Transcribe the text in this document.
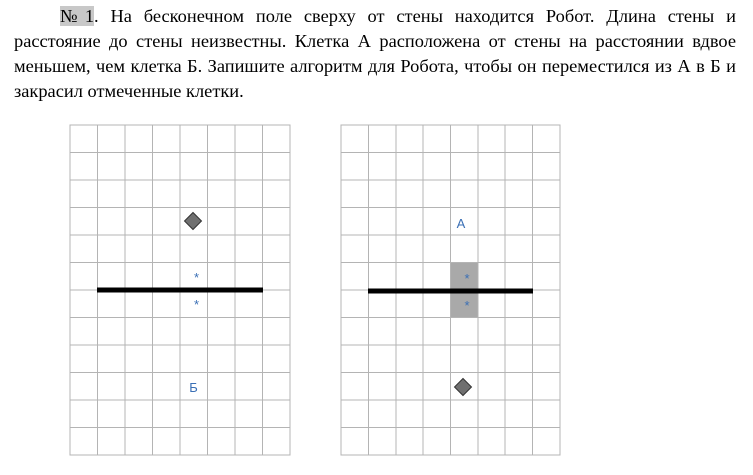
№1. На бесконечном поле сверху от стены находится Робот. Длина стены и расстояние до стены неизвестны. Клетка А расположена от стены на расстоянии вдвое меньшем, чем клетка Б. Запишите алгоритм для Робота, чтобы он переместился из А в Б и закрасил отмеченные клетки.

*
*
Б
А
*
*
